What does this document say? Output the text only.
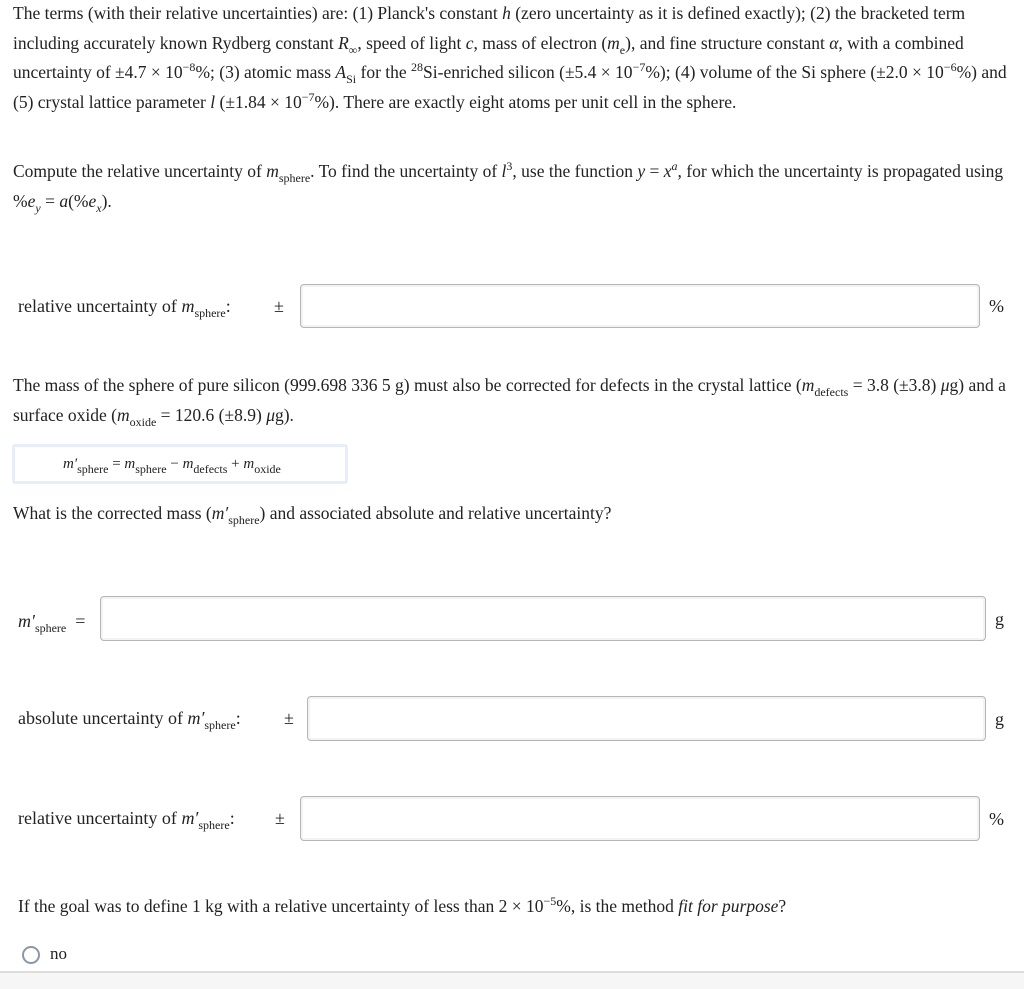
The terms (with their relative uncertainties) are: (1) Planck's constant h (zero uncertainty as it is defined exactly); (2) the bracketed term including accurately known Rydberg constant $R_\infty$, speed of light c, mass of electron $(m_e)$, and fine structure constant α, with a combined uncertainty of $\pm 4.7 \times 10^{-8}\%$; (3) atomic mass $A_{Si}$ for the $^{28}$Si-enriched silicon $(\pm 5.4 \times 10^{-7}\%)$; (4) volume of the Si sphere $(\pm 2.0 \times 10^{-6}\%)$ and (5) crystal lattice parameter l $(\pm 1.84 \times 10^{-7}\%)$. There are exactly eight atoms per unit cell in the sphere.
Compute the relative uncertainty of $m_{sphere}$. To find the uncertainty of $l^3$, use the function $y = x^a$, for which the uncertainty is propagated using $\%e_y = a(\%e_x)$.
relative uncertainty of $m_{sphere}$: ±	%
The mass of the sphere of pure silicon (999.698 336 5 g) must also be corrected for defects in the crystal lattice ($m_{defects} = 3.8$ (±3.8) μg) and a surface oxide ($m_{oxide} = 120.6$ (±8.9) μg).
$m'_{sphere} = m_{sphere} - m_{defects} + m_{oxide}$
What is the corrected mass $(m'_{sphere})$ and associated absolute and relative uncertainty?
$m'_{sphere}$ =	g
absolute uncertainty of $m'_{sphere}$: ±	g
relative uncertainty of $m'_{sphere}$: ±	%
If the goal was to define 1 kg with a relative uncertainty of less than $2 \times 10^{-5}\%$, is the method fit for purpose?
no
